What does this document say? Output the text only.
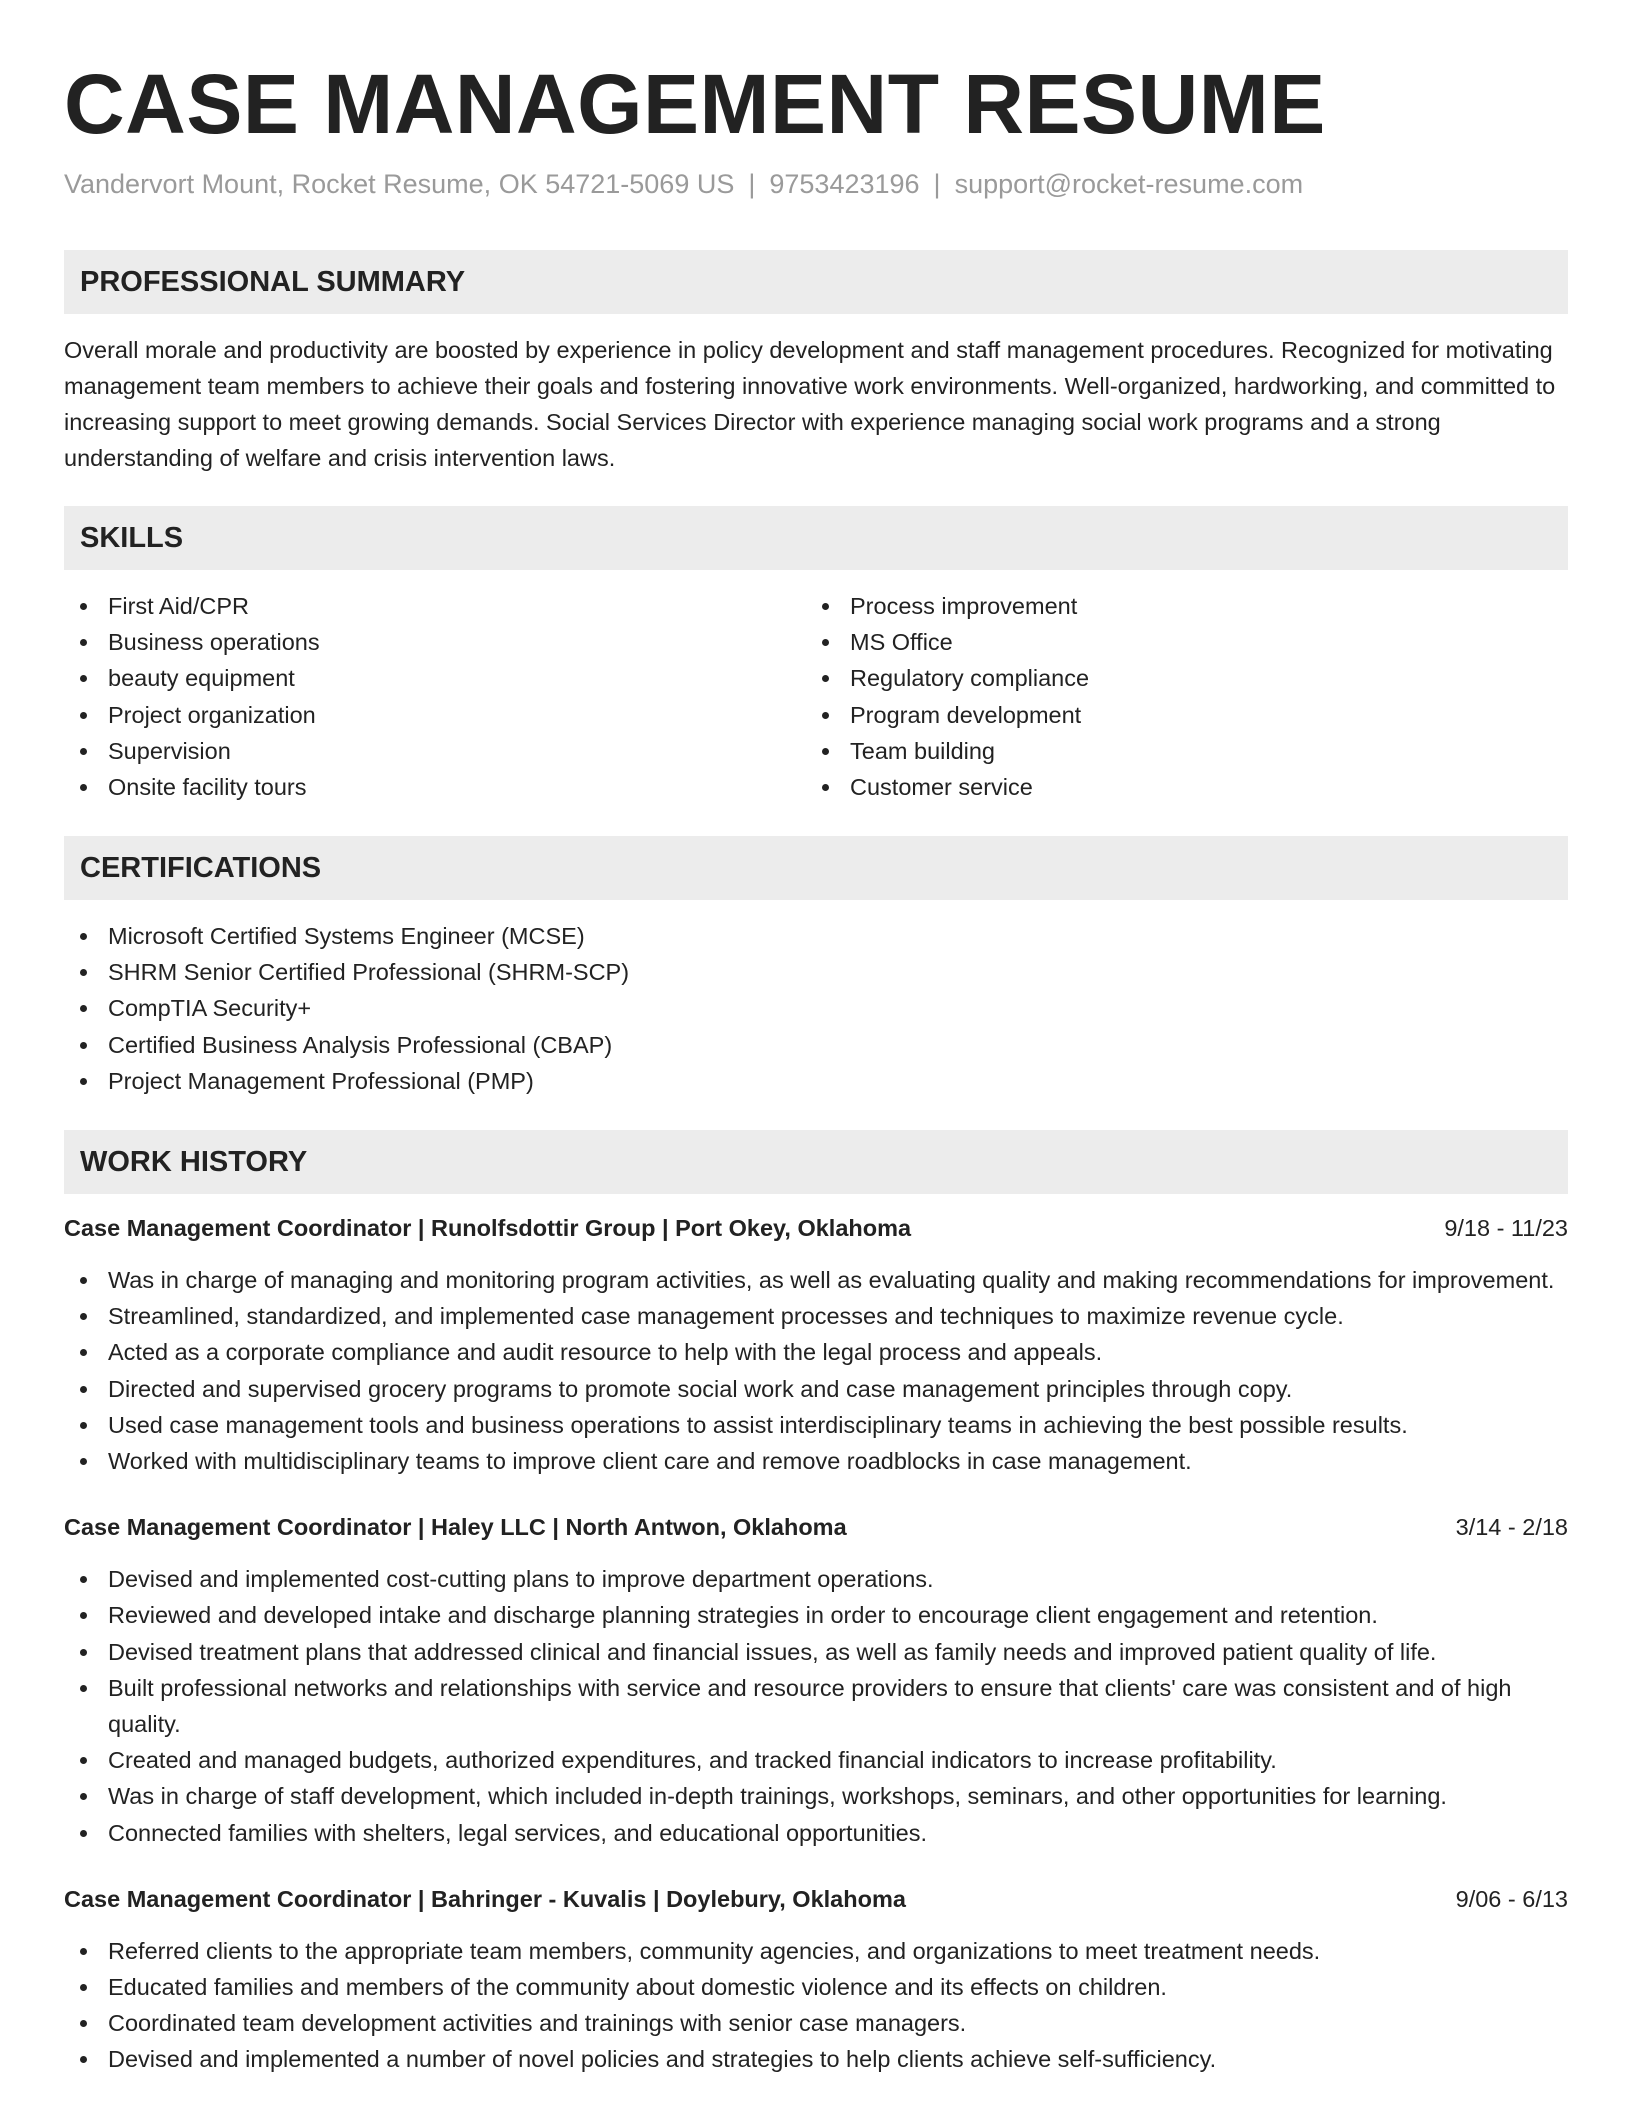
CASE MANAGEMENT RESUME
Vandervort Mount, Rocket Resume, OK 54721-5069 US | 9753423196 | support@rocket-resume.com
PROFESSIONAL SUMMARY

Overall morale and productivity are boosted by experience in policy development and staff management procedures. Recognized for motivating management team members to achieve their goals and fostering innovative work environments. Well-organized, hardworking, and committed to increasing support to meet growing demands. Social Services Director with experience managing social work programs and a strong understanding of welfare and crisis intervention laws.

SKILLS
First Aid/CPR
Business operations
beauty equipment
Project organization
Supervision
Onsite facility tours
Process improvement
MS Office
Regulatory compliance
Program development
Team building
Customer service
CERTIFICATIONS
Microsoft Certified Systems Engineer (MCSE)
SHRM Senior Certified Professional (SHRM-SCP)
CompTIA Security+
Certified Business Analysis Professional (CBAP)
Project Management Professional (PMP)
WORK HISTORY
Case Management Coordinator | Runolfsdottir Group | Port Okey, Oklahoma	9/18 - 11/23
Was in charge of managing and monitoring program activities, as well as evaluating quality and making recommendations for improvement.
Streamlined, standardized, and implemented case management processes and techniques to maximize revenue cycle.
Acted as a corporate compliance and audit resource to help with the legal process and appeals.
Directed and supervised grocery programs to promote social work and case management principles through copy.
Used case management tools and business operations to assist interdisciplinary teams in achieving the best possible results.
Worked with multidisciplinary teams to improve client care and remove roadblocks in case management.
Case Management Coordinator | Haley LLC | North Antwon, Oklahoma	3/14 - 2/18
Devised and implemented cost-cutting plans to improve department operations.
Reviewed and developed intake and discharge planning strategies in order to encourage client engagement and retention.
Devised treatment plans that addressed clinical and financial issues, as well as family needs and improved patient quality of life.
Built professional networks and relationships with service and resource providers to ensure that clients' care was consistent and of high quality.
Created and managed budgets, authorized expenditures, and tracked financial indicators to increase profitability.
Was in charge of staff development, which included in-depth trainings, workshops, seminars, and other opportunities for learning.
Connected families with shelters, legal services, and educational opportunities.
Case Management Coordinator | Bahringer - Kuvalis | Doylebury, Oklahoma	9/06 - 6/13
Referred clients to the appropriate team members, community agencies, and organizations to meet treatment needs.
Educated families and members of the community about domestic violence and its effects on children.
Coordinated team development activities and trainings with senior case managers.
Devised and implemented a number of novel policies and strategies to help clients achieve self-sufficiency.
